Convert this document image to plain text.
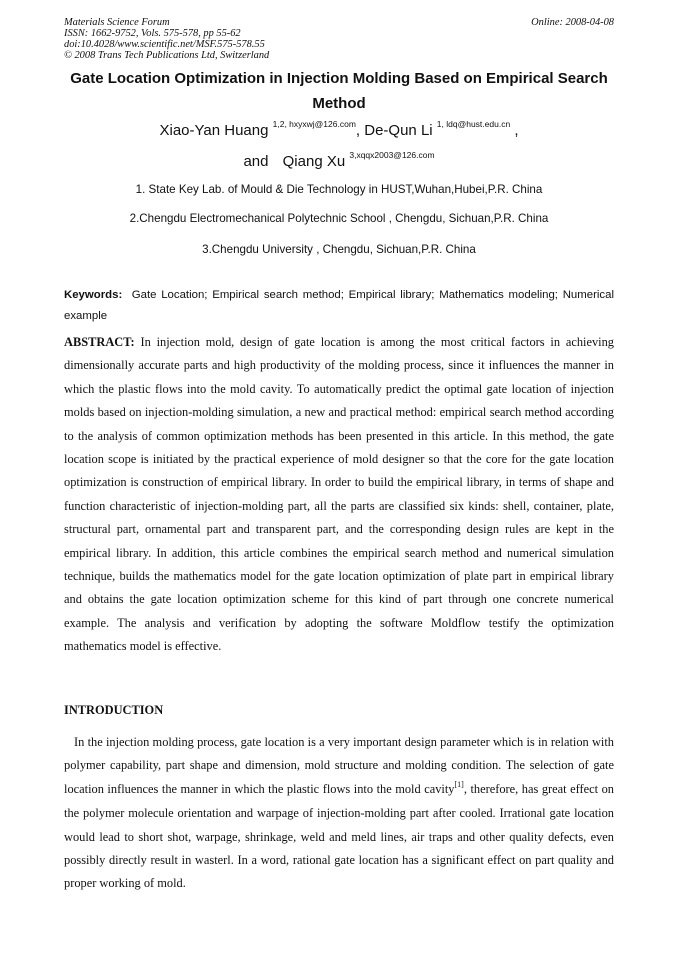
Materials Science Forum
ISSN: 1662-9752, Vols. 575-578, pp 55-62
doi:10.4028/www.scientific.net/MSF.575-578.55
© 2008 Trans Tech Publications Ltd, Switzerland
Online: 2008-04-08
Gate Location Optimization in Injection Molding Based on Empirical Search Method
Xiao-Yan Huang $^{1,2, hxyxwj@126.com}$, De-Qun Li $^{1, ldq@hust.edu.cn}$ ,
and Qiang Xu $^{3,xqqx2003@126.com}$
1. State Key Lab. of Mould & Die Technology in HUST,Wuhan,Hubei,P.R. China
2.Chengdu Electromechanical Polytechnic School , Chengdu, Sichuan,P.R. China
3.Chengdu University , Chengdu, Sichuan,P.R. China
Keywords: Gate Location; Empirical search method; Empirical library; Mathematics modeling; Numerical example
ABSTRACT: In injection mold, design of gate location is among the most critical factors in achieving dimensionally accurate parts and high productivity of the molding process, since it influences the manner in which the plastic flows into the mold cavity. To automatically predict the optimal gate location of injection molds based on injection-molding simulation, a new and practical method: empirical search method according to the analysis of common optimization methods has been presented in this article. In this method, the gate location scope is initiated by the practical experience of mold designer so that the core for the gate location optimization is construction of empirical library. In order to build the empirical library, in terms of shape and function characteristic of injection-molding part, all the parts are classified six kinds: shell, container, plate, structural part, ornamental part and transparent part, and the corresponding design rules are kept in the empirical library. In addition, this article combines the empirical search method and numerical simulation technique, builds the mathematics model for the gate location optimization of plate part in empirical library and obtains the gate location optimization scheme for this kind of part through one concrete numerical example. The analysis and verification by adopting the software Moldflow testify the optimization mathematics model is effective.
INTRODUCTION
In the injection molding process, gate location is a very important design parameter which is in relation with polymer capability, part shape and dimension, mold structure and molding condition. The selection of gate location influences the manner in which the plastic flows into the mold cavity[1], therefore, has great effect on the polymer molecule orientation and warpage of injection-molding part after cooled. Irrational gate location would lead to short shot, warpage, shrinkage, weld and meld lines, air traps and other quality defects, even possibly directly result in wasterl. In a word, rational gate location has a significant effect on part quality and proper working of mold.
